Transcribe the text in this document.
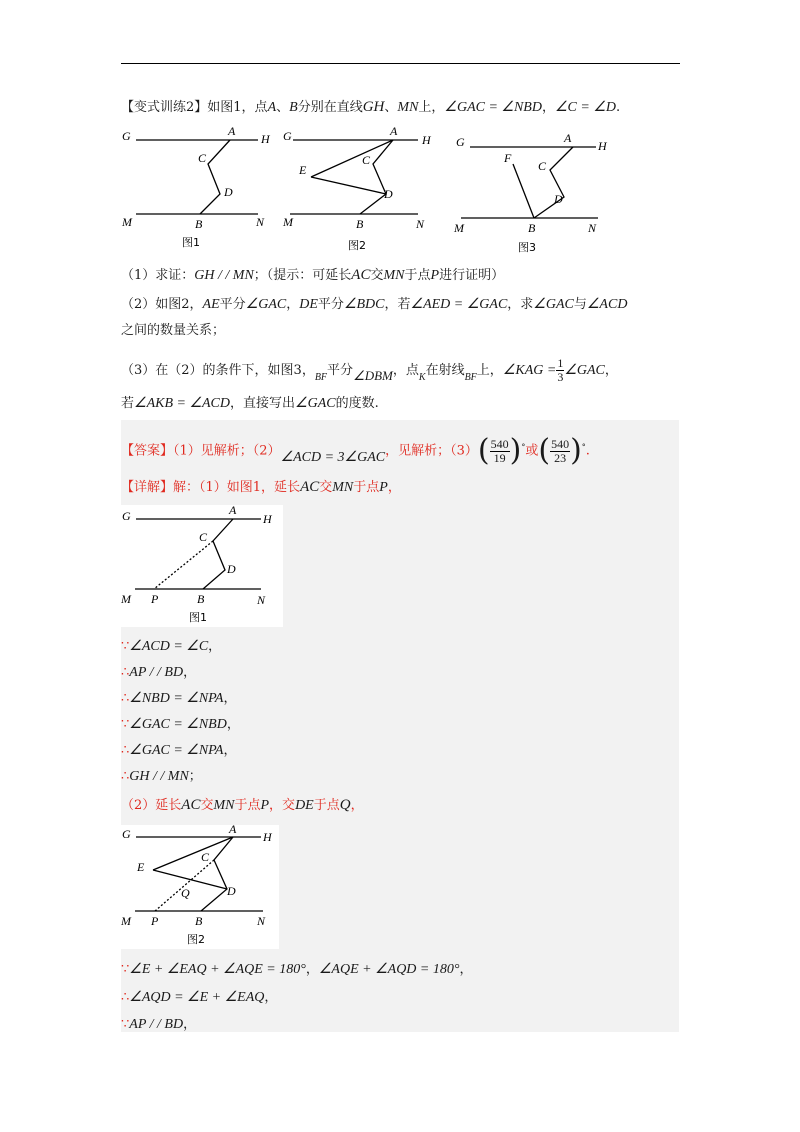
【变式训练2】如图1，点A、B分别在直线GH、MN上，∠GAC = ∠NBD，∠C = ∠D.
G	H
A
C
D
B
M	N
G	H
A
C
D
E
B
M	N
G	H
A
C
D
F
B
M	N
图1	图2	图3
（1）求证：GH / / MN；（提示：可延长AC交MN于点P进行证明）
（2）如图2，AE平分∠GAC，DE平分∠BDC，若∠AED = ∠GAC，求∠GAC与∠ACD
之间的数量关系；
（3）在（2）的条件下，如图3，$_{BF}$平分∠DBM，点$_K$在射线$_{BF}$上，∠KAG = $\frac{1}{3}$ ∠GAC，
若∠AKB = ∠ACD，直接写出∠GAC的度数.
【答案】（1）见解析；（2）∠ACD = 3∠GAC，见解析；$(3)( \frac{540}{19} )^\circ$或( $\frac{540}{23} )^\circ$.
【详解】解：（1）如图1，延长AC交MN于点P，
G	H
A
C
D
B
P
M	N
图1
∵∠ACD = ∠C，
∴AP / / BD，
∴∠NBD = ∠NPA，
∵∠GAC = ∠NBD，
∴∠GAC = ∠NPA，
∴GH / / MN；
（2）延长AC交MN于点P，交DE于点Q，
G	H
A
C
D
E
Q
B
P
M	N
图2
∵∠E + ∠EAQ + ∠AQE = 180°，∠AQE + ∠AQD = 180°，
∴∠AQD = ∠E + ∠EAQ，
∵AP / / BD，
